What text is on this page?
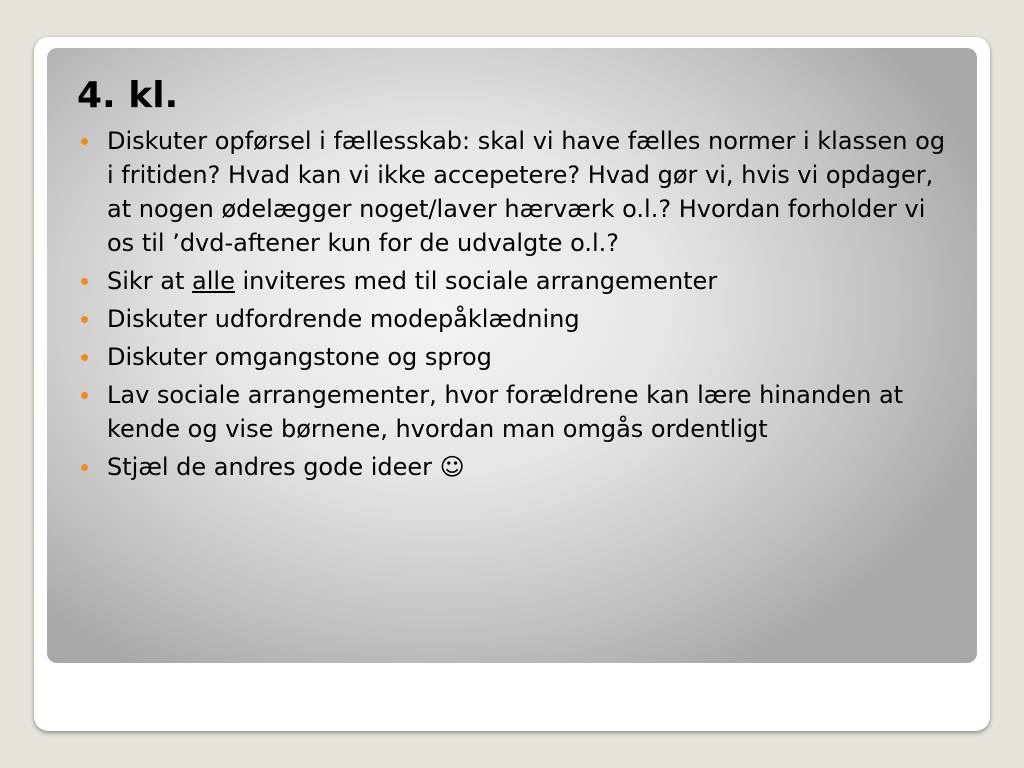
4. kl.
Diskuter opførsel i fællesskab: skal vi have fælles normer i klassen og i fritiden? Hvad kan vi ikke accepetere? Hvad gør vi, hvis vi opdager, at nogen ødelægger noget/laver hærværk o.l.? Hvordan forholder vi os til ’dvd-aftener kun for de udvalgte o.l.?
Sikr at alle inviteres med til sociale arrangementer
Diskuter udfordrende modepåklædning
Diskuter omgangstone og sprog
Lav sociale arrangementer, hvor forældrene kan lære hinanden at kende og vise børnene, hvordan man omgås ordentligt
Stjæl de andres gode ideer ☺
